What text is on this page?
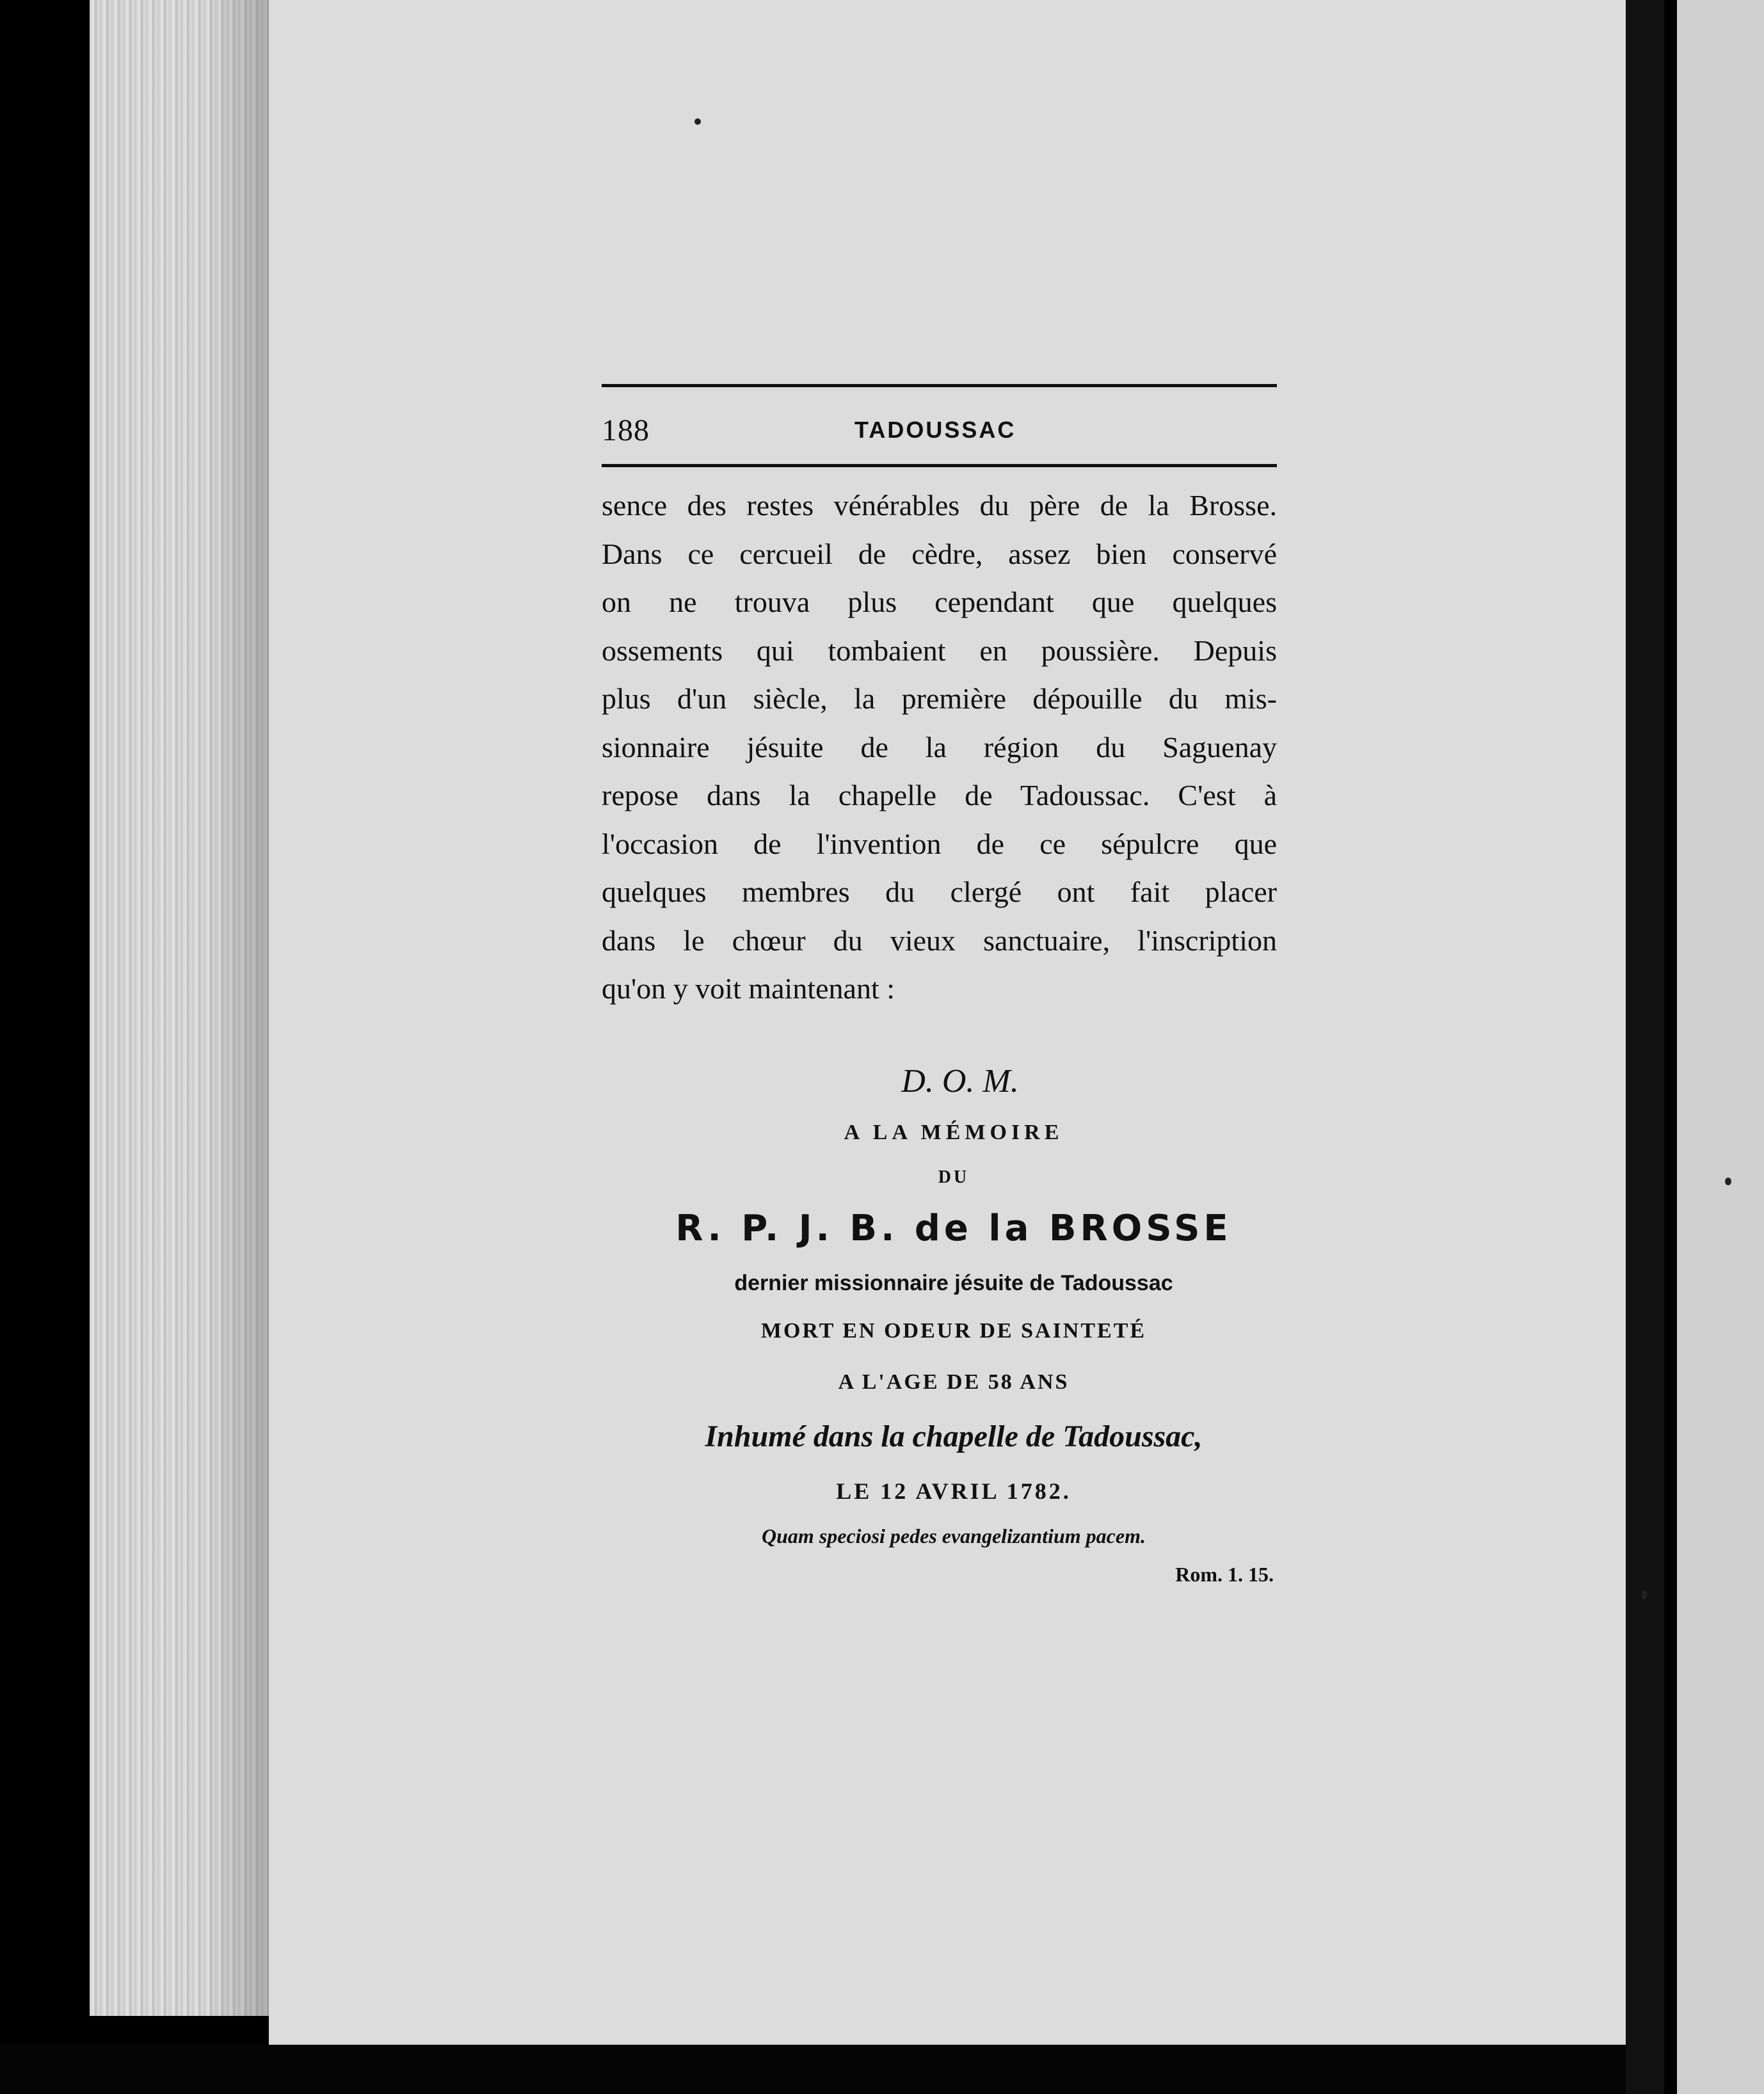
188	TADOUSSAC
sence des restes vénérables du père de la Brosse.
Dans ce cercueil de cèdre, assez bien conservé
on ne trouva plus cependant que quelques
ossements qui tombaient en poussière. Depuis
plus d'un siècle, la première dépouille du mis-
sionnaire jésuite de la région du Saguenay
repose dans la chapelle de Tadoussac. C'est à
l'occasion de l'invention de ce sépulcre que
quelques membres du clergé ont fait placer
dans le chœur du vieux sanctuaire, l'inscription
qu'on y voit maintenant :
D. O. M.
A LA MÉMOIRE
DU
R. P. J. B. de la BROSSE
dernier missionnaire jésuite de Tadoussac
MORT EN ODEUR DE SAINTETÉ
A L'AGE DE 58 ANS
Inhumé dans la chapelle de Tadoussac,
LE 12 AVRIL 1782.
Quam speciosi pedes evangelizantium pacem.
Rom. 1. 15.
